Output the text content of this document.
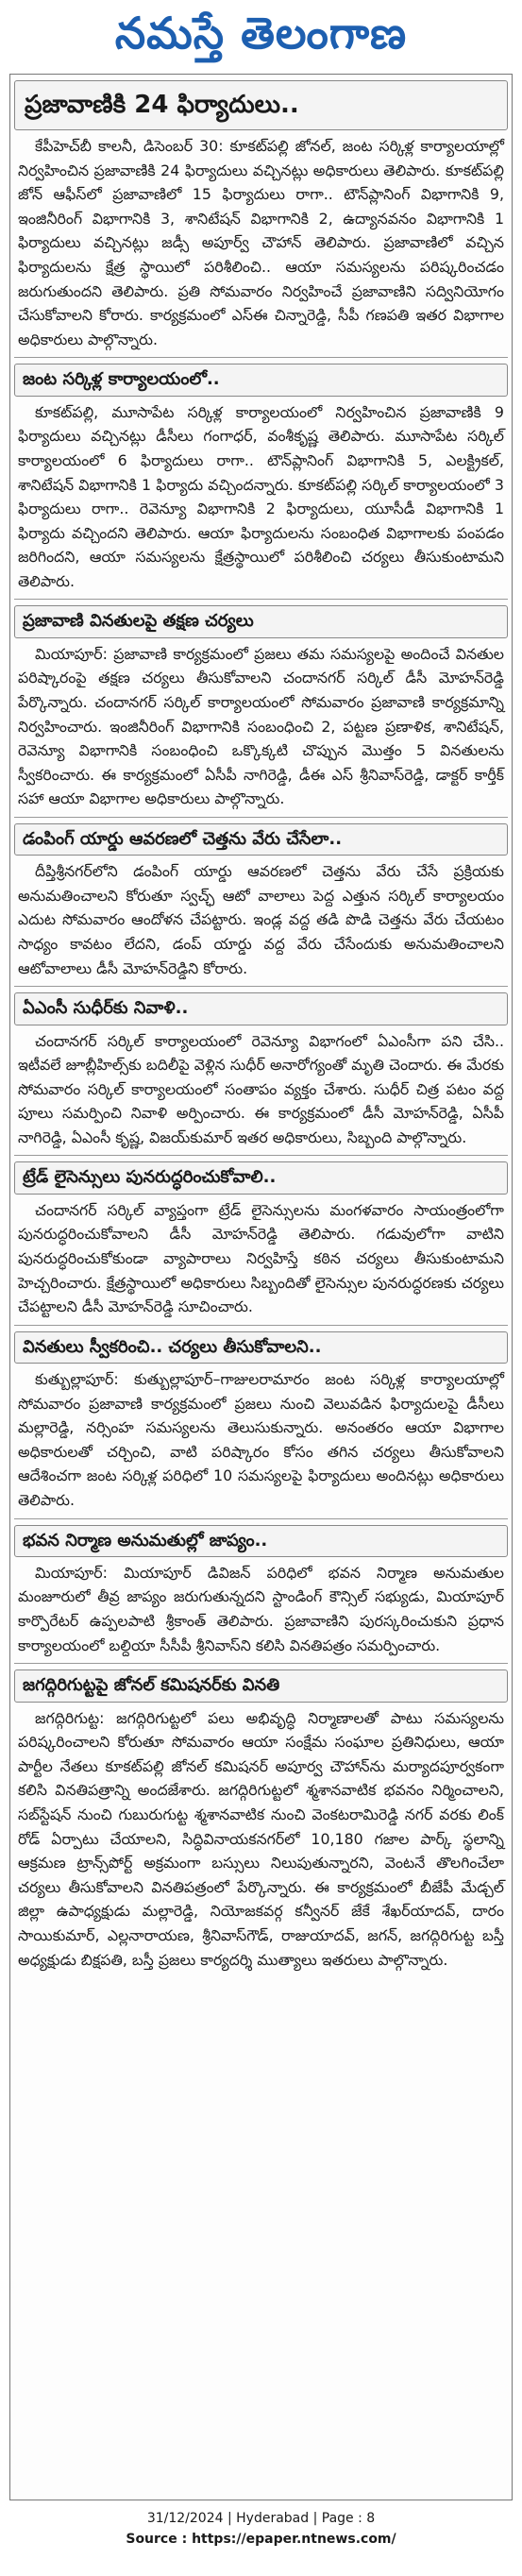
నమస్తే తెలంగాణ
ప్రజావాణికి 24 ఫిర్యాదులు..

కేపీహెచ్‌బీ కాలనీ, డిసెంబర్ 30: కూకట్‌పల్లి జోనల్, జంట సర్కిళ్ల కార్యాలయాల్లో నిర్వహించిన ప్రజావాణికి 24 ఫిర్యాదులు వచ్చినట్లు అధికారులు తెలిపారు. కూకట్‌పల్లి జోన్ ఆఫీస్‌లో ప్రజావాణిలో 15 ఫిర్యాదులు రాగా.. టౌన్‌ప్లానింగ్ విభాగానికి 9, ఇంజినీరింగ్ విభాగానికి 3, శానిటేషన్ విభాగానికి 2, ఉద్యానవనం విభాగానికి 1 ఫిర్యాదులు వచ్చినట్లు జడ్సీ అపూర్వ్ చౌహాన్ తెలిపారు. ప్రజావాణిలో వచ్చిన ఫిర్యాదులను క్షేత్ర స్థాయిలో పరిశీలించి.. ఆయా సమస్యలను పరిష్కరించడం జరుగుతుందని తెలిపారు. ప్రతి సోమవారం నిర్వహించే ప్రజావాణిని సద్వినియోగం చేసుకోవాలని కోరారు. కార్యక్రమంలో ఎస్‌ఈ చిన్నారెడ్డి, సీపీ గణపతి ఇతర విభాగాల అధికారులు పాల్గొన్నారు.

జంట సర్కిళ్ల కార్యాలయంలో..

కూకట్‌పల్లి, మూసాపేట సర్కిళ్ల కార్యాలయంలో నిర్వహించిన ప్రజావాణికి 9 ఫిర్యాదులు వచ్చినట్లు డీసీలు గంగాధర్, వంశీకృష్ణ తెలిపారు. మూసాపేట సర్కిల్ కార్యాలయంలో 6 ఫిర్యాదులు రాగా.. టౌన్‌ప్లానింగ్ విభాగానికి 5, ఎలక్ట్రికల్, శానిటేషన్ విభాగానికి 1 ఫిర్యాదు వచ్చిందన్నారు. కూకట్‌పల్లి సర్కిల్ కార్యాలయంలో 3 ఫిర్యాదులు రాగా.. రెవెన్యూ విభాగానికి 2 ఫిర్యాదులు, యూసీడీ విభాగానికి 1 ఫిర్యాదు వచ్చిందని తెలిపారు. ఆయా ఫిర్యాదులను సంబంధిత విభాగాలకు పంపడం జరిగిందని, ఆయా సమస్యలను క్షేత్రస్థాయిలో పరిశీలించి చర్యలు తీసుకుంటామని తెలిపారు.

ప్రజావాణి వినతులపై తక్షణ చర్యలు

మియాపూర్: ప్రజావాణి కార్యక్రమంలో ప్రజలు తమ సమస్యలపై అందించే వినతుల పరిష్కారంపై తక్షణ చర్యలు తీసుకోవాలని చందానగర్ సర్కిల్ డీసీ మోహన్‌రెడ్డి పేర్కొన్నారు. చందానగర్ సర్కిల్ కార్యాలయంలో సోమవారం ప్రజావాణి కార్యక్రమాన్ని నిర్వహించారు. ఇంజినీరింగ్ విభాగానికి సంబంధించి 2, పట్టణ ప్రణాళిక, శానిటేషన్, రెవెన్యూ విభాగానికి సంబంధించి ఒక్కొక్కటి చొప్పున మొత్తం 5 వినతులను స్వీకరించారు. ఈ కార్యక్రమంలో ఏసీపీ నాగిరెడ్డి, డీఈ ఎస్ శ్రీనివాస్‌రెడ్డి, డాక్టర్ కార్తీక్ సహా ఆయా విభాగాల అధికారులు పాల్గొన్నారు.

డంపింగ్ యార్డు ఆవరణలో చెత్తను వేరు చేసేలా..

దీప్తిశ్రీనగర్‌లోని డంపింగ్ యార్డు ఆవరణలో చెత్తను వేరు చేసే ప్రక్రియకు అనుమతించాలని కోరుతూ స్వచ్ఛ్ ఆటో వాలాలు పెద్ద ఎత్తున సర్కిల్ కార్యాలయం ఎదుట సోమవారం ఆందోళన చేపట్టారు. ఇండ్ల వద్ద తడి పొడి చెత్తను వేరు చేయటం సాధ్యం కావటం లేదని, డంప్ యార్డు వద్ద వేరు చేసేందుకు అనుమతించాలని ఆటోవాలాలు డీసీ మోహన్‌రెడ్డిని కోరారు.

ఏఎంసీ సుధీర్‌కు నివాళి..

చందానగర్ సర్కిల్ కార్యాలయంలో రెవెన్యూ విభాగంలో ఏఎంసీగా పని చేసి.. ఇటీవలే జూబ్లీహిల్స్‌కు బదిలీపై వెళ్లిన సుధీర్ అనారోగ్యంతో మృతి చెందారు. ఈ మేరకు సోమవారం సర్కిల్ కార్యాలయంలో సంతాపం వ్యక్తం చేశారు. సుధీర్ చిత్ర పటం వద్ద పూలు సమర్పించి నివాళి అర్పించారు. ఈ కార్యక్రమంలో డీసీ మోహన్‌రెడ్డి, ఏసీపీ నాగిరెడ్డి, ఏఎంసీ కృష్ణ, విజయ్‌కుమార్ ఇతర అధికారులు, సిబ్బంది పాల్గొన్నారు.

ట్రేడ్ లైసెన్సులు పునరుద్ధరించుకోవాలి..

చందానగర్ సర్కిల్ వ్యాప్తంగా ట్రేడ్ లైసెన్సులను మంగళవారం సాయంత్రంలోగా పునరుద్ధరించుకోవాలని డీసీ మోహన్‌రెడ్డి తెలిపారు. గడువులోగా వాటిని పునరుద్ధరించుకోకుండా వ్యాపారాలు నిర్వహిస్తే కఠిన చర్యలు తీసుకుంటామని హెచ్చరించారు. క్షేత్రస్థాయిలో అధికారులు సిబ్బందితో లైసెన్సుల పునరుద్ధరణకు చర్యలు చేపట్టాలని డీసీ మోహన్‌రెడ్డి సూచించారు.

వినతులు స్వీకరించి.. చర్యలు తీసుకోవాలని..

కుత్బుల్లాపూర్: కుత్బుల్లాపూర్–గాజులరామారం జంట సర్కిళ్ల కార్యాలయాల్లో సోమవారం ప్రజావాణి కార్యక్రమంలో ప్రజలు నుంచి వెలువడిన ఫిర్యాదులపై డీసీలు మల్లారెడ్డి, నర్సింహ సమస్యలను తెలుసుకున్నారు. అనంతరం ఆయా విభాగాల అధికారులతో చర్చించి, వాటి పరిష్కారం కోసం తగిన చర్యలు తీసుకోవాలని ఆదేశించగా జంట సర్కిళ్ల పరిధిలో 10 సమస్యలపై ఫిర్యాదులు అందినట్లు అధికారులు తెలిపారు.

భవన నిర్మాణ అనుమతుల్లో జాప్యం..

మియాపూర్: మియాపూర్ డివిజన్ పరిధిలో భవన నిర్మాణ అనుమతుల మంజూరులో తీవ్ర జాప్యం జరుగుతున్నదని స్టాండింగ్ కౌన్సిల్ సభ్యుడు, మియాపూర్ కార్పొరేటర్ ఉప్పలపాటి శ్రీకాంత్ తెలిపారు. ప్రజావాణిని పురస్కరించుకుని ప్రధాన కార్యాలయంలో బల్దియా సీసీపీ శ్రీనివాస్‌ని కలిసి వినతిపత్రం సమర్పించారు.

జగద్గిరిగుట్టపై జోనల్ కమిషనర్‌కు వినతి

జగద్గిరిగుట్ట: జగద్గిరిగుట్టలో పలు అభివృద్ధి నిర్మాణాలతో పాటు సమస్యలను పరిష్కరించాలని కోరుతూ సోమవారం ఆయా సంక్షేమ సంఘాల ప్రతినిధులు, ఆయా పార్టీల నేతలు కూకట్‌పల్లి జోనల్ కమిషనర్ అపూర్వ చౌహాన్‌ను మర్యాదపూర్వకంగా కలిసి వినతిపత్రాన్ని అందజేశారు. జగద్గిరిగుట్టలో శ్మశానవాటిక భవనం నిర్మించాలని, సబ్‌స్టేషన్ నుంచి గుబురుగుట్ట శ్మశానవాటిక నుంచి వెంకటరామిరెడ్డి నగర్ వరకు లింక్ రోడ్ ఏర్పాటు చేయాలని, సిద్ధివినాయకనగర్‌లో 10,180 గజాల పార్క్ స్థలాన్ని ఆక్రమణ ట్రాన్స్‌పోర్ట్ అక్రమంగా బస్సులు నిలుపుతున్నారని, వెంటనే తొలగించేలా చర్యలు తీసుకోవాలని వినతిపత్రంలో పేర్కొన్నారు. ఈ కార్యక్రమంలో బీజేపీ మేడ్చల్ జిల్లా ఉపాధ్యక్షుడు మల్లారెడ్డి, నియోజకవర్గ కన్వీనర్ జేకే శేఖర్‌యాదవ్, దారం సాయికుమార్, ఎల్లనారాయణ, శ్రీనివాస్‌గౌడ్, రాజుయాదవ్, జగన్, జగద్గిరిగుట్ట బస్తీ అధ్యక్షుడు బిక్షపతి, బస్తీ ప్రజలు కార్యదర్శి ముత్యాలు ఇతరులు పాల్గొన్నారు.

31/12/2024 | Hyderabad | Page : 8
Source : https://epaper.ntnews.com/
